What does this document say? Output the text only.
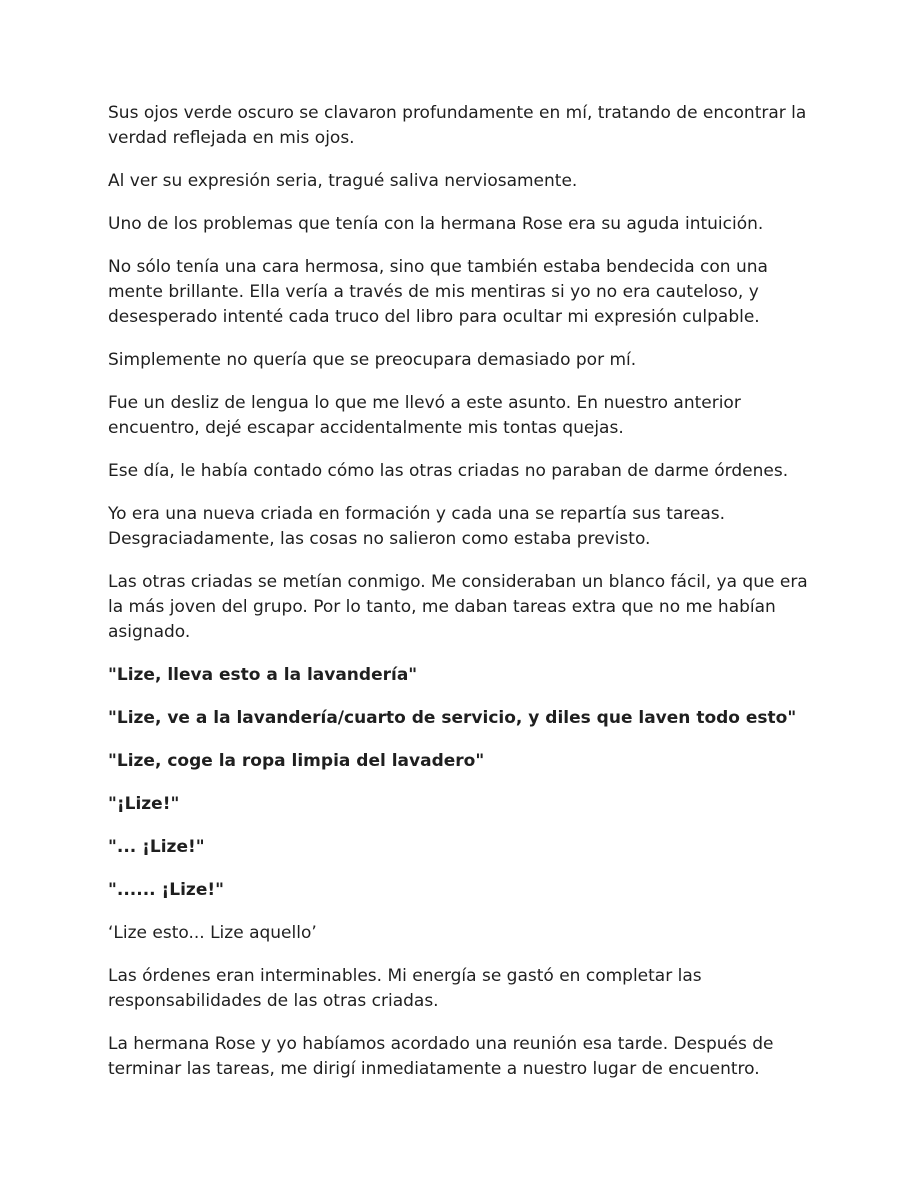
Sus ojos verde oscuro se clavaron profundamente en mí, tratando de encontrar la verdad reflejada en mis ojos.

Al ver su expresión seria, tragué saliva nerviosamente.

Uno de los problemas que tenía con la hermana Rose era su aguda intuición.

No sólo tenía una cara hermosa, sino que también estaba bendecida con una mente brillante. Ella vería a través de mis mentiras si yo no era cauteloso, y desesperado intenté cada truco del libro para ocultar mi expresión culpable.

Simplemente no quería que se preocupara demasiado por mí.

Fue un desliz de lengua lo que me llevó a este asunto. En nuestro anterior encuentro, dejé escapar accidentalmente mis tontas quejas.

Ese día, le había contado cómo las otras criadas no paraban de darme órdenes.

Yo era una nueva criada en formación y cada una se repartía sus tareas. Desgraciadamente, las cosas no salieron como estaba previsto.

Las otras criadas se metían conmigo. Me consideraban un blanco fácil, ya que era la más joven del grupo. Por lo tanto, me daban tareas extra que no me habían asignado.

"Lize, lleva esto a la lavandería"

"Lize, ve a la lavandería/cuarto de servicio, y diles que laven todo esto"

"Lize, coge la ropa limpia del lavadero"

"¡Lize!"

"... ¡Lize!"

"...... ¡Lize!"

‘Lize esto... Lize aquello’

Las órdenes eran interminables. Mi energía se gastó en completar las responsabilidades de las otras criadas.

La hermana Rose y yo habíamos acordado una reunión esa tarde. Después de terminar las tareas, me dirigí inmediatamente a nuestro lugar de encuentro.
